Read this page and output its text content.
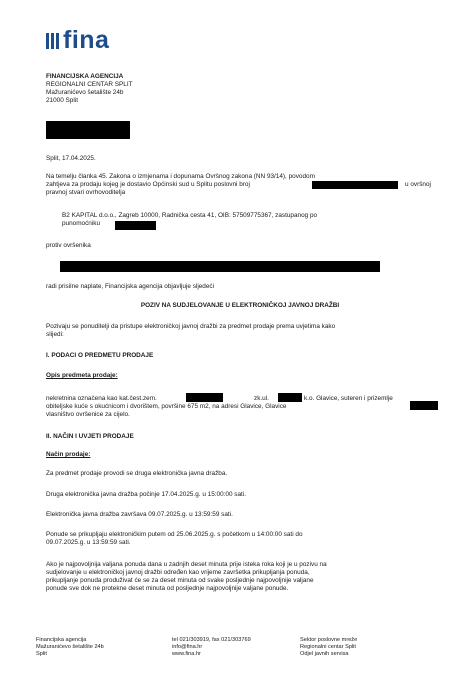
fina
FINANCIJSKA AGENCIJA
REGIONALNI CENTAR SPLIT
Mažuranićevo šetalište 24b
21000 Split
Split, 17.04.2025.
Na temelju članka 45. Zakona o izmjenama i dopunama Ovršnog zakona (NN 93/14), povodom
zahtjeva za prodaju kojeg je dostavio Općinski sud u Splitu poslovni broj	u ovršnoj
pravnoj stvari ovrhovoditelja
B2 KAPITAL d.o.o., Zagreb 10000, Radnička cesta 41, OIB: 57509775367, zastupanog po
punomoćniku
protiv ovršenika
radi prisilne naplate, Financijska agencija objavljuje sljedeći
POZIV NA SUDJELOVANJE U ELEKTRONIČKOJ JAVNOJ DRAŽBI
Pozivaju se ponuditelji da pristupe elektroničkoj javnoj dražbi za predmet prodaje prema uvjetima kako
slijedi:
I. PODACI O PREDMETU PRODAJE
Opis predmeta prodaje:
nekretnina označena kao kat.čest.zem.	zk.ul.	k.o. Glavice, suteren i prizemlje
obiteljske kuće s okućnicom i dvorištem, površine 675 m2, na adresi Glavice, Glavice
vlasništvo ovršenice za cijelo.
II. NAČIN I UVJETI PRODAJE
Način prodaje:
Za predmet prodaje provodi se druga elektronička javna dražba.
Druga elektronička javna dražba počinje 17.04.2025.g. u 15:00:00 sati.
Elektronička javna dražba završava 09.07.2025.g. u 13:59:59 sati.
Ponude se prikupljaju elektroničkim putem od 25.06.2025.g. s početkom u 14:00:00 sati do
09.07.2025.g. u 13:59:59 sati.
Ako je najpovoljnija valjana ponuda dana u zadnjih deset minuta prije isteka roka koji je u pozivu na
sudjelovanje u elektroničkoj javnoj dražbi određen kao vrijeme završetka prikupljanja ponuda,
prikupljanje ponuda produživat će se za deset minuta od svake posljednje najpovoljnije valjane
ponude sve dok ne protekne deset minuta od posljednje najpovoljnije valjane ponude.
Financijska agencija
Mažuranićevo šetalište 24b
Split
tel 021/303919, fax 021/303769
info@fina.hr
www.fina.hr
Sektor poslovne mreže
Regionalni centar Split
Odjel javnih servisa
